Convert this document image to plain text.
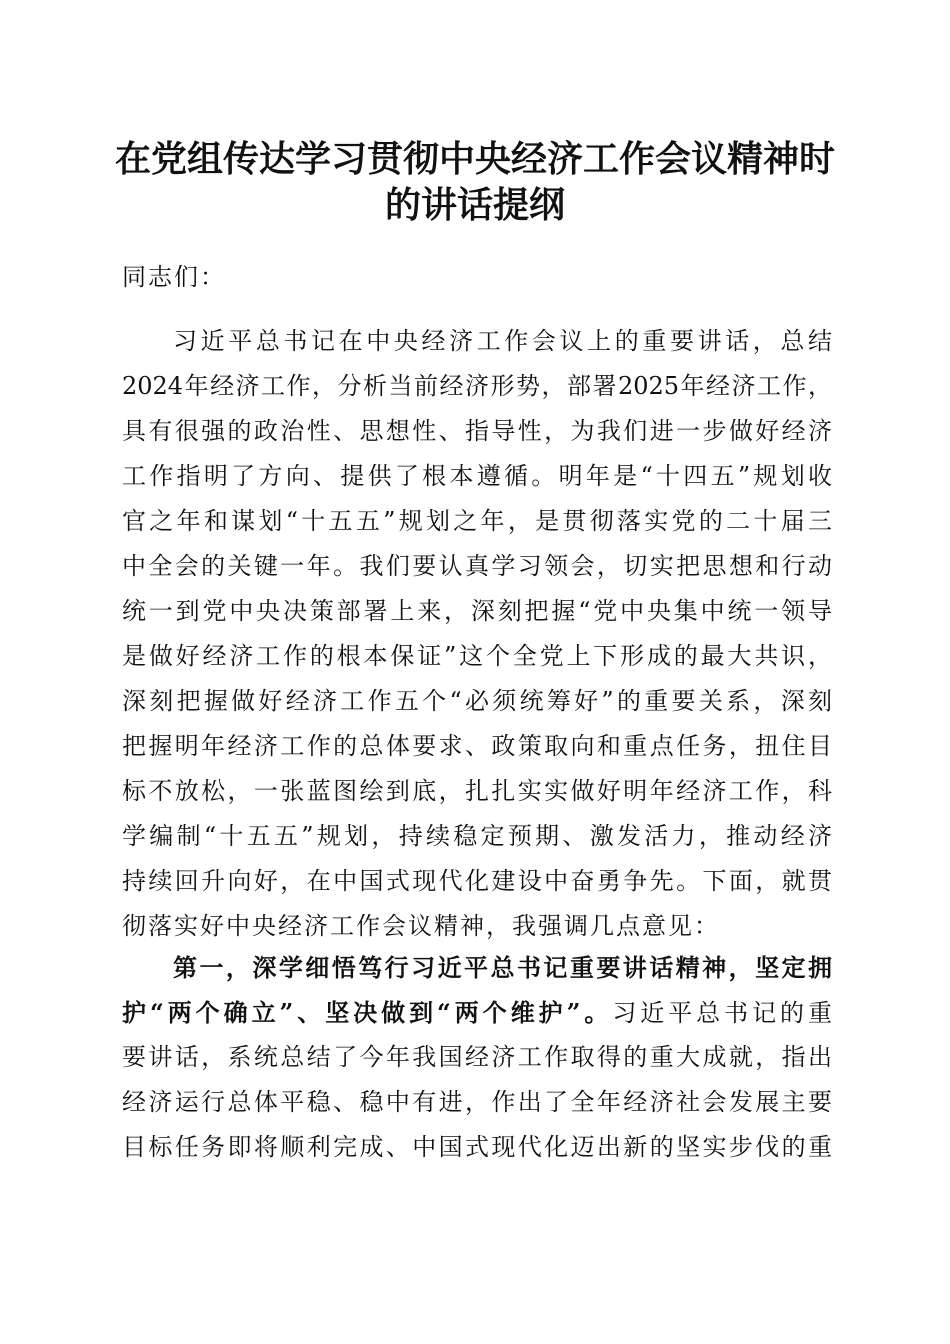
在党组传达学习贯彻中央经济工作会议精神时
的讲话提纲

同志们：

习近平总书记在中央经济工作会议上的重要讲话，总结
2024年经济工作，分析当前经济形势，部署2025年经济工作，
具有很强的政治性、思想性、指导性，为我们进一步做好经济
工作指明了方向、提供了根本遵循。明年是“十四五”规划收
官之年和谋划“十五五”规划之年，是贯彻落实党的二十届三
中全会的关键一年。我们要认真学习领会，切实把思想和行动
统一到党中央决策部署上来，深刻把握“党中央集中统一领导
是做好经济工作的根本保证”这个全党上下形成的最大共识，
深刻把握做好经济工作五个“必须统筹好”的重要关系，深刻
把握明年经济工作的总体要求、政策取向和重点任务，扭住目
标不放松，一张蓝图绘到底，扎扎实实做好明年经济工作，科
学编制“十五五”规划，持续稳定预期、激发活力，推动经济
持续回升向好，在中国式现代化建设中奋勇争先。下面，就贯
彻落实好中央经济工作会议精神，我强调几点意见：
第一，深学细悟笃行习近平总书记重要讲话精神，坚定拥
护“两个确立”、坚决做到“两个维护”。习近平总书记的重
要讲话，系统总结了今年我国经济工作取得的重大成就，指出
经济运行总体平稳、稳中有进，作出了全年经济社会发展主要
目标任务即将顺利完成、中国式现代化迈出新的坚实步伐的重
